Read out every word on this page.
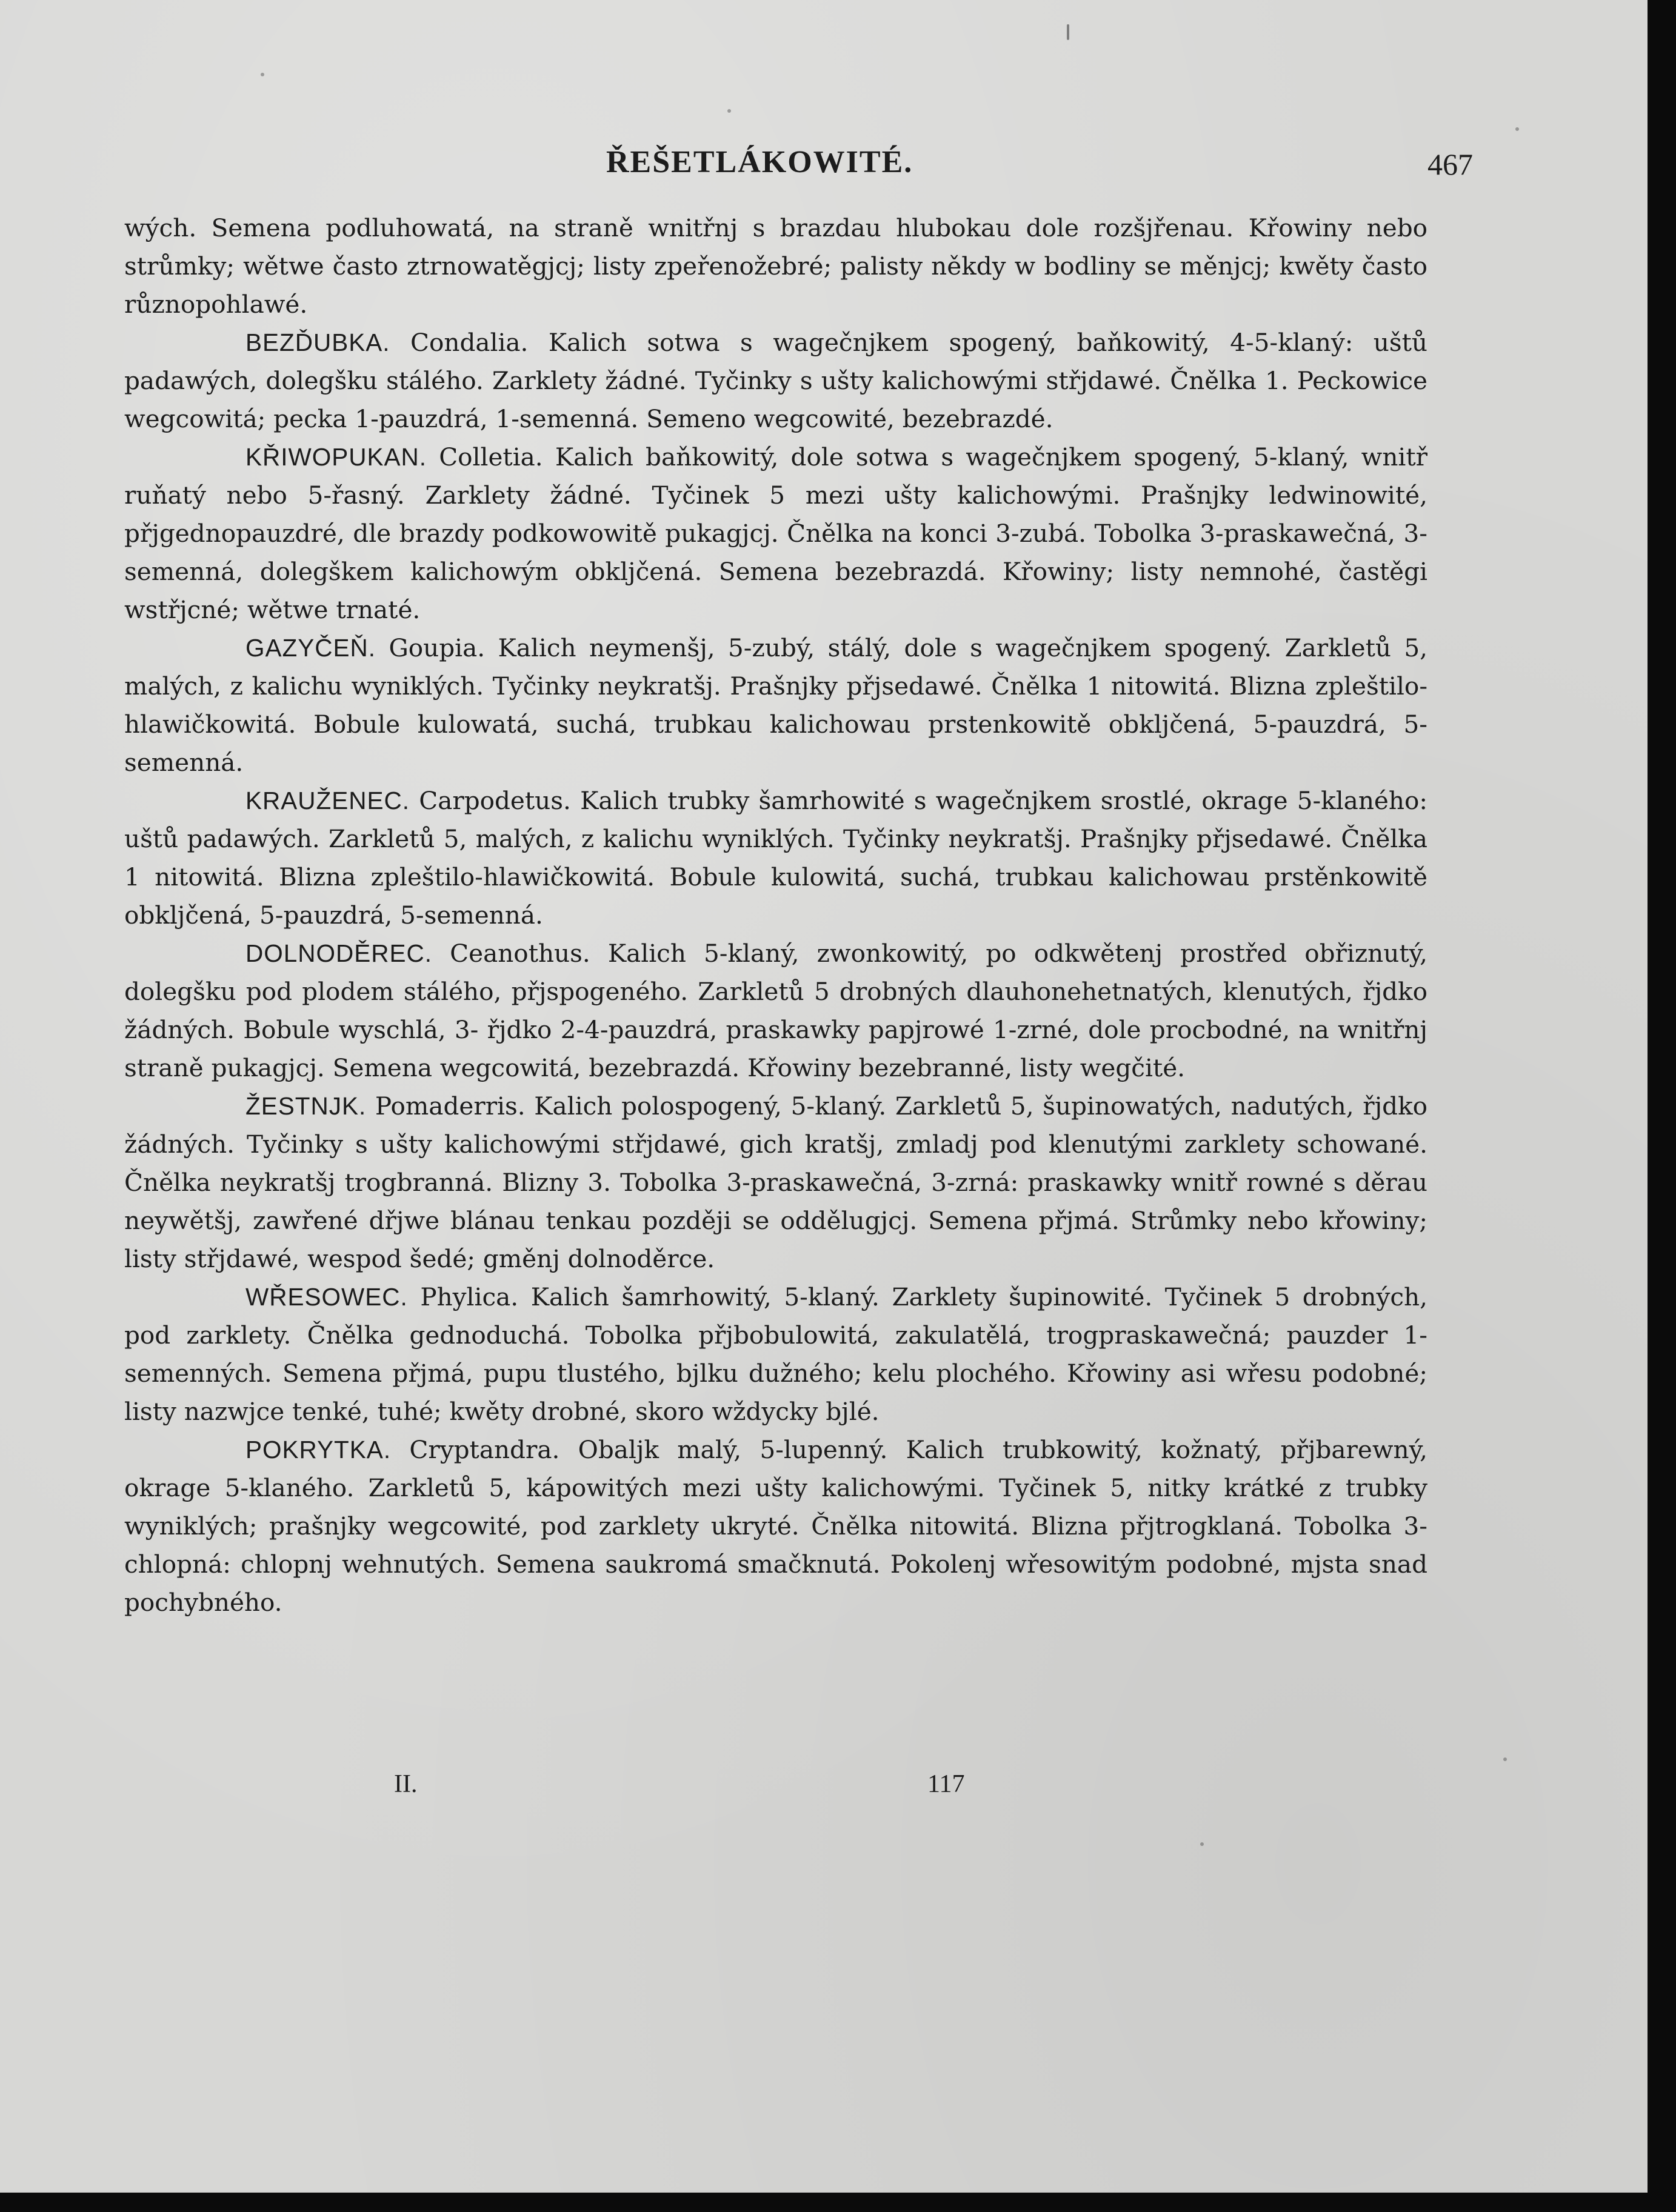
ŘEŠETLÁKOWITÉ.	467

wých. Semena podluhowatá, na straně wnitřnj s brazdau hlubokau dole rozšjřenau. Křowiny nebo strůmky; wětwe často ztrnowatěgjcj; listy zpeřenožebré; palisty někdy w bodliny se měnjcj; kwěty často různopohlawé.

BEZĎUBKA. Condalia. Kalich sotwa s wagečnjkem spogený, baňkowitý, 4-5-klaný: uštů padawých, dolegšku stálého. Zarklety žádné. Tyčinky s ušty kalichowými střjdawé. Čnělka 1. Peckowice wegcowitá; pecka 1-pauzdrá, 1-semenná. Semeno wegcowité, bezebrazdé.

KŘIWOPUKAN. Colletia. Kalich baňkowitý, dole sotwa s wagečnjkem spogený, 5-klaný, wnitř ruňatý nebo 5-řasný. Zarklety žádné. Tyčinek 5 mezi ušty kalichowými. Prašnjky ledwinowité, přjgednopauzdré, dle brazdy podkowowitě pukagjcj. Čnělka na konci 3-zubá. Tobolka 3-praskawečná, 3-semenná, dolegškem kalichowým obkljčená. Semena bezebrazdá. Křowiny; listy nemnohé, častěgi wstřjcné; wětwe trnaté.

GAZYČEŇ. Goupia. Kalich neymenšj, 5-zubý, stálý, dole s wagečnjkem spogený. Zarkletů 5, malých, z kalichu wyniklých. Tyčinky neykratšj. Prašnjky přjsedawé. Čnělka 1 nitowitá. Blizna zpleštilo-hlawičkowitá. Bobule kulowatá, suchá, trubkau kalichowau prstenkowitě obkljčená, 5-pauzdrá, 5-semenná.

KRAUŽENEC. Carpodetus. Kalich trubky šamrhowité s wagečnjkem srostlé, okrage 5-klaného: uštů padawých. Zarkletů 5, malých, z kalichu wyniklých. Tyčinky neykratšj. Prašnjky přjsedawé. Čnělka 1 nitowitá. Blizna zpleštilo-hlawičkowitá. Bobule kulowitá, suchá, trubkau kalichowau prstěnkowitě obkljčená, 5-pauzdrá, 5-semenná.

DOLNODĚREC. Ceanothus. Kalich 5-klaný, zwonkowitý, po odkwětenj prostřed obřiznutý, dolegšku pod plodem stálého, přjspogeného. Zarkletů 5 drobných dlauhonehetnatých, klenutých, řjdko žádných. Bobule wyschlá, 3- řjdko 2-4-pauzdrá, praskawky papjrowé 1-zrné, dole procbodné, na wnitřnj straně pukagjcj. Semena wegcowitá, bezebrazdá. Křowiny bezebranné, listy wegčité.

ŽESTNJK. Pomaderris. Kalich polospogený, 5-klaný. Zarkletů 5, šupinowatých, nadutých, řjdko žádných. Tyčinky s ušty kalichowými střjdawé, gich kratšj, zmladj pod klenutými zarklety schowané. Čnělka neykratšj trogbranná. Blizny 3. Tobolka 3-praskawečná, 3-zrná: praskawky wnitř rowné s děrau neywětšj, zawřené dřjwe blánau tenkau později se oddělugjcj. Semena přjmá. Strůmky nebo křowiny; listy střjdawé, wespod šedé; gměnj dolnoděrce.

WŘESOWEC. Phylica. Kalich šamrhowitý, 5-klaný. Zarklety šupinowité. Tyčinek 5 drobných, pod zarklety. Čnělka gednoduchá. Tobolka přjbobulowitá, zakulatělá, trogpraskawečná; pauzder 1-semenných. Semena přjmá, pupu tlustého, bjlku dužného; kelu plochého. Křowiny asi wřesu podobné; listy nazwjce tenké, tuhé; kwěty drobné, skoro wždycky bjlé.

POKRYTKA. Cryptandra. Obaljk malý, 5-lupenný. Kalich trubkowitý, kožnatý, přjbarewný, okrage 5-klaného. Zarkletů 5, kápowitých mezi ušty kalichowými. Tyčinek 5, nitky krátké z trubky wyniklých; prašnjky wegcowité, pod zarklety ukryté. Čnělka nitowitá. Blizna přjtrogklaná. Tobolka 3-chlopná: chlopnj wehnutých. Semena saukromá smačknutá. Pokolenj wřesowitým podobné, mjsta snad pochybného.

II.	117
